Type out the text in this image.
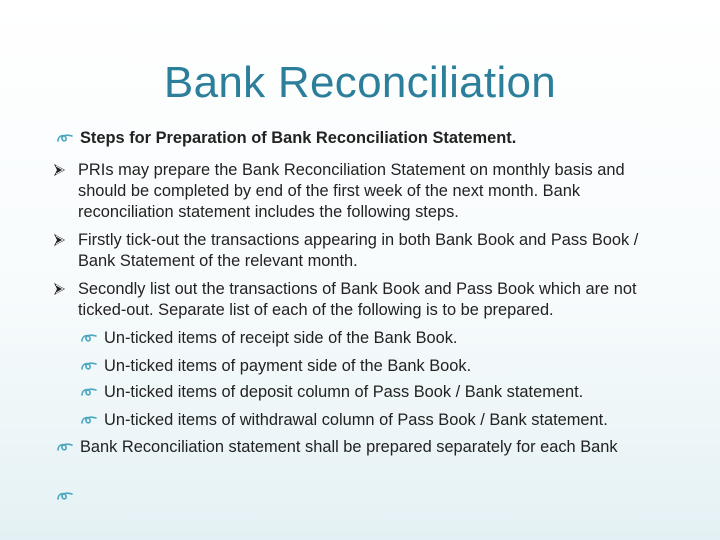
Bank Reconciliation
Steps for Preparation of Bank Reconciliation Statement.
PRIs may prepare the Bank Reconciliation Statement on monthly basis and should be completed by end of the first week of the next month. Bank reconciliation statement includes the following steps.
Firstly tick-out the transactions appearing in both Bank Book and Pass Book / Bank Statement of the relevant month.
Secondly list out the transactions of Bank Book and Pass Book which are not ticked-out. Separate list of each of the following is to be prepared.
Un-ticked items of receipt side of the Bank Book.
Un-ticked items of payment side of the Bank Book.
Un-ticked items of deposit column of Pass Book / Bank statement.
Un-ticked items of withdrawal column of Pass Book / Bank statement.
Bank Reconciliation statement shall be prepared separately for each Bank
